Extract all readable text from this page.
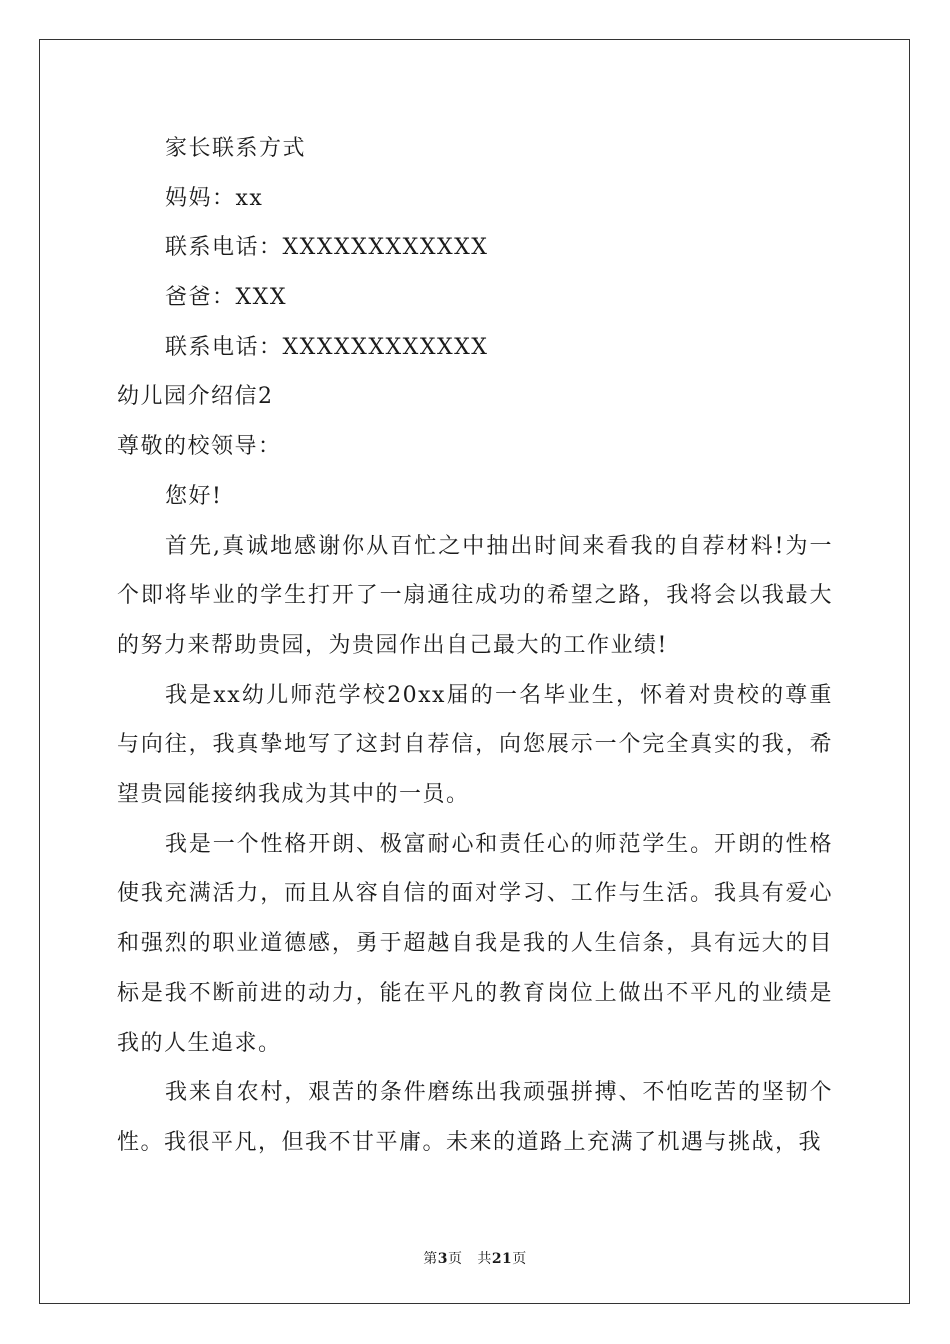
家长联系方式
妈妈：xx
联系电话：XXXXXXXXXXXX
爸爸：XXX
联系电话：XXXXXXXXXXXX
幼儿园介绍信2
尊敬的校领导：
您好!

首先,真诚地感谢你从百忙之中抽出时间来看我的自荐材料!为一个即将毕业的学生打开了一扇通往成功的希望之路，我将会以我最大的努力来帮助贵园，为贵园作出自己最大的工作业绩!

我是xx幼儿师范学校20xx届的一名毕业生，怀着对贵校的尊重与向往，我真挚地写了这封自荐信，向您展示一个完全真实的我，希望贵园能接纳我成为其中的一员。

我是一个性格开朗、极富耐心和责任心的师范学生。开朗的性格使我充满活力，而且从容自信的面对学习、工作与生活。我具有爱心和强烈的职业道德感，勇于超越自我是我的人生信条，具有远大的目标是我不断前进的动力，能在平凡的教育岗位上做出不平凡的业绩是我的人生追求。

我来自农村，艰苦的条件磨练出我顽强拼搏、不怕吃苦的坚韧个性。我很平凡，但我不甘平庸。未来的道路上充满了机遇与挑战，我

第3页 共21页
